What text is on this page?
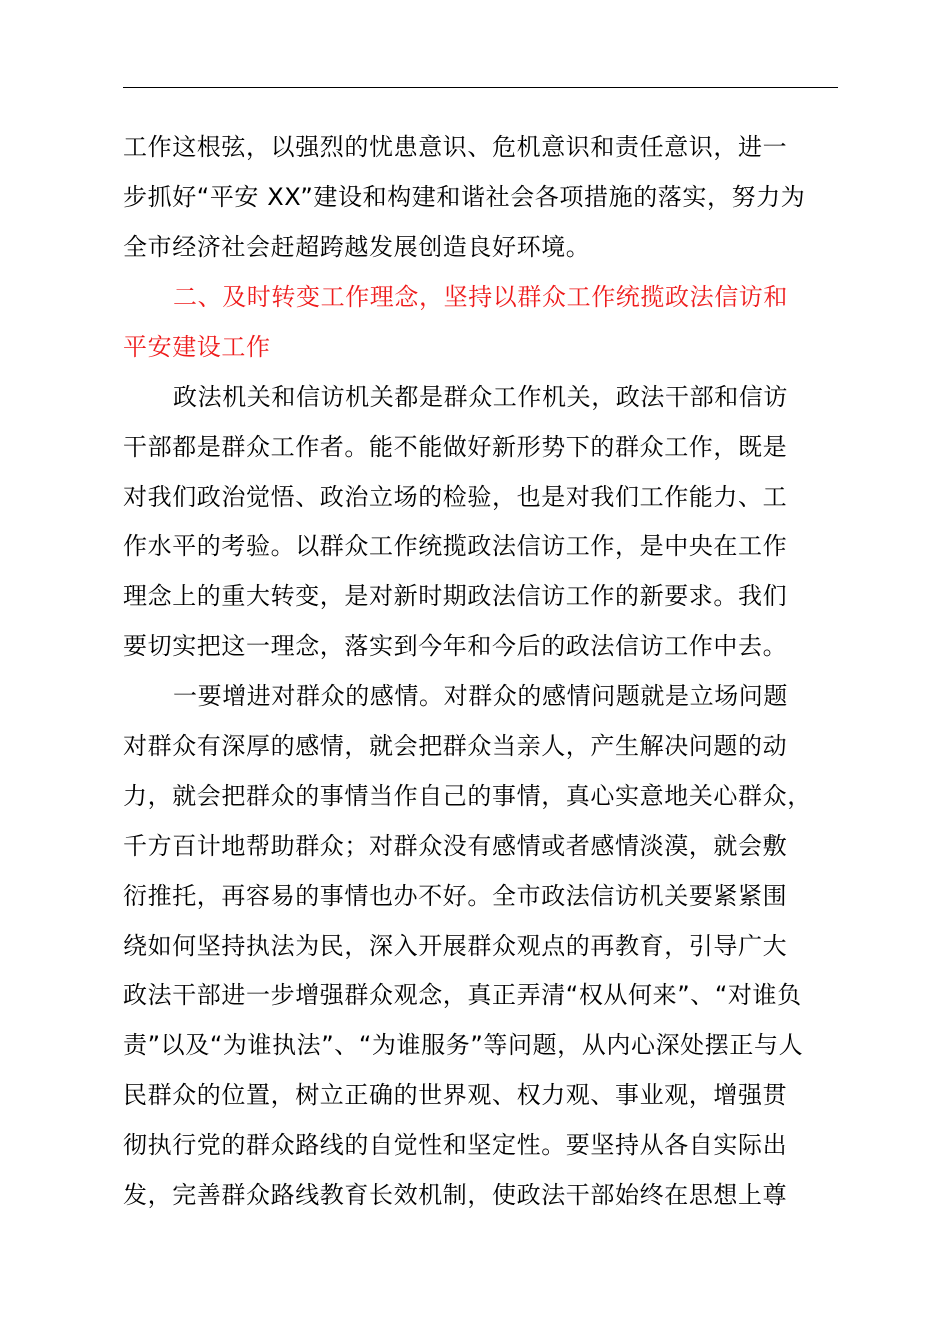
工作这根弦，以强烈的忧患意识、危机意识和责任意识，进一
步抓好“平安 XX”建设和构建和谐社会各项措施的落实，努力为
全市经济社会赶超跨越发展创造良好环境。
二、及时转变工作理念，坚持以群众工作统揽政法信访和
平安建设工作
政法机关和信访机关都是群众工作机关，政法干部和信访
干部都是群众工作者。能不能做好新形势下的群众工作，既是
对我们政治觉悟、政治立场的检验，也是对我们工作能力、工
作水平的考验。以群众工作统揽政法信访工作，是中央在工作
理念上的重大转变，是对新时期政法信访工作的新要求。我们
要切实把这一理念，落实到今年和今后的政法信访工作中去。
一要增进对群众的感情。对群众的感情问题就是立场问题
对群众有深厚的感情，就会把群众当亲人，产生解决问题的动
力，就会把群众的事情当作自己的事情，真心实意地关心群众，
千方百计地帮助群众；对群众没有感情或者感情淡漠，就会敷
衍推托，再容易的事情也办不好。全市政法信访机关要紧紧围
绕如何坚持执法为民，深入开展群众观点的再教育，引导广大
政法干部进一步增强群众观念，真正弄清“权从何来”、“对谁负
责”以及“为谁执法”、“为谁服务”等问题，从内心深处摆正与人
民群众的位置，树立正确的世界观、权力观、事业观，增强贯
彻执行党的群众路线的自觉性和坚定性。要坚持从各自实际出
发，完善群众路线教育长效机制，使政法干部始终在思想上尊
